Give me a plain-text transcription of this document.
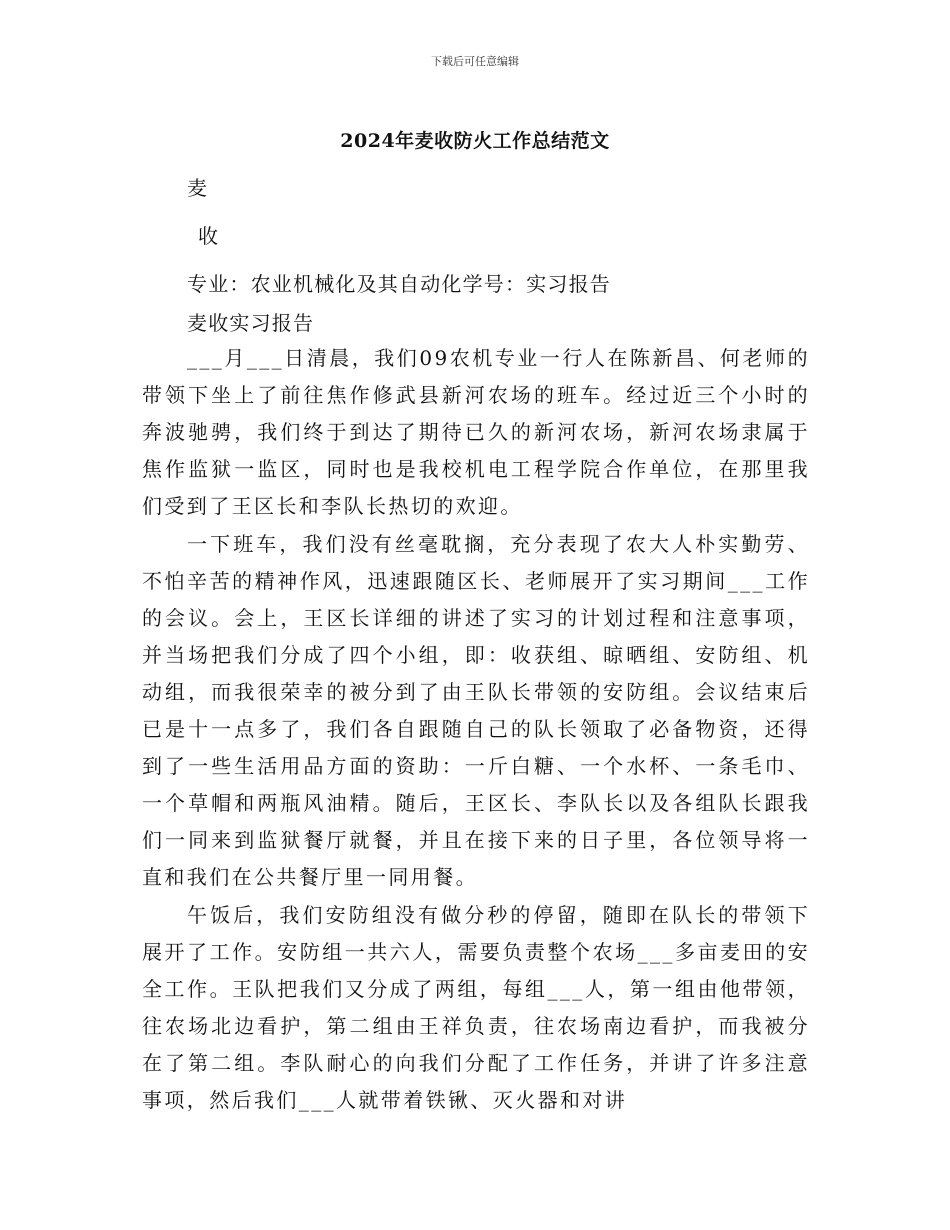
下载后可任意编辑
2024年麦收防火工作总结范文
麦
收
专业：农业机械化及其自动化学号：实习报告
麦收实习报告

___月___日清晨，我们09农机专业一行人在陈新昌、何老师的带领下坐上了前往焦作修武县新河农场的班车。经过近三个小时的奔波驰骋，我们终于到达了期待已久的新河农场，新河农场隶属于焦作监狱一监区，同时也是我校机电工程学院合作单位，在那里我们受到了王区长和李队长热切的欢迎。

一下班车，我们没有丝毫耽搁，充分表现了农大人朴实勤劳、不怕辛苦的精神作风，迅速跟随区长、老师展开了实习期间___工作的会议。会上，王区长详细的讲述了实习的计划过程和注意事项，并当场把我们分成了四个小组，即：收获组、晾晒组、安防组、机动组，而我很荣幸的被分到了由王队长带领的安防组。会议结束后已是十一点多了，我们各自跟随自己的队长领取了必备物资，还得到了一些生活用品方面的资助：一斤白糖、一个水杯、一条毛巾、一个草帽和两瓶风油精。随后，王区长、李队长以及各组队长跟我们一同来到监狱餐厅就餐，并且在接下来的日子里，各位领导将一直和我们在公共餐厅里一同用餐。

午饭后，我们安防组没有做分秒的停留，随即在队长的带领下展开了工作。安防组一共六人，需要负责整个农场___多亩麦田的安全工作。王队把我们又分成了两组，每组___人，第一组由他带领，往农场北边看护，第二组由王祥负责，往农场南边看护，而我被分在了第二组。李队耐心的向我们分配了工作任务，并讲了许多注意事项，然后我们___人就带着铁锹、灭火器和对讲
